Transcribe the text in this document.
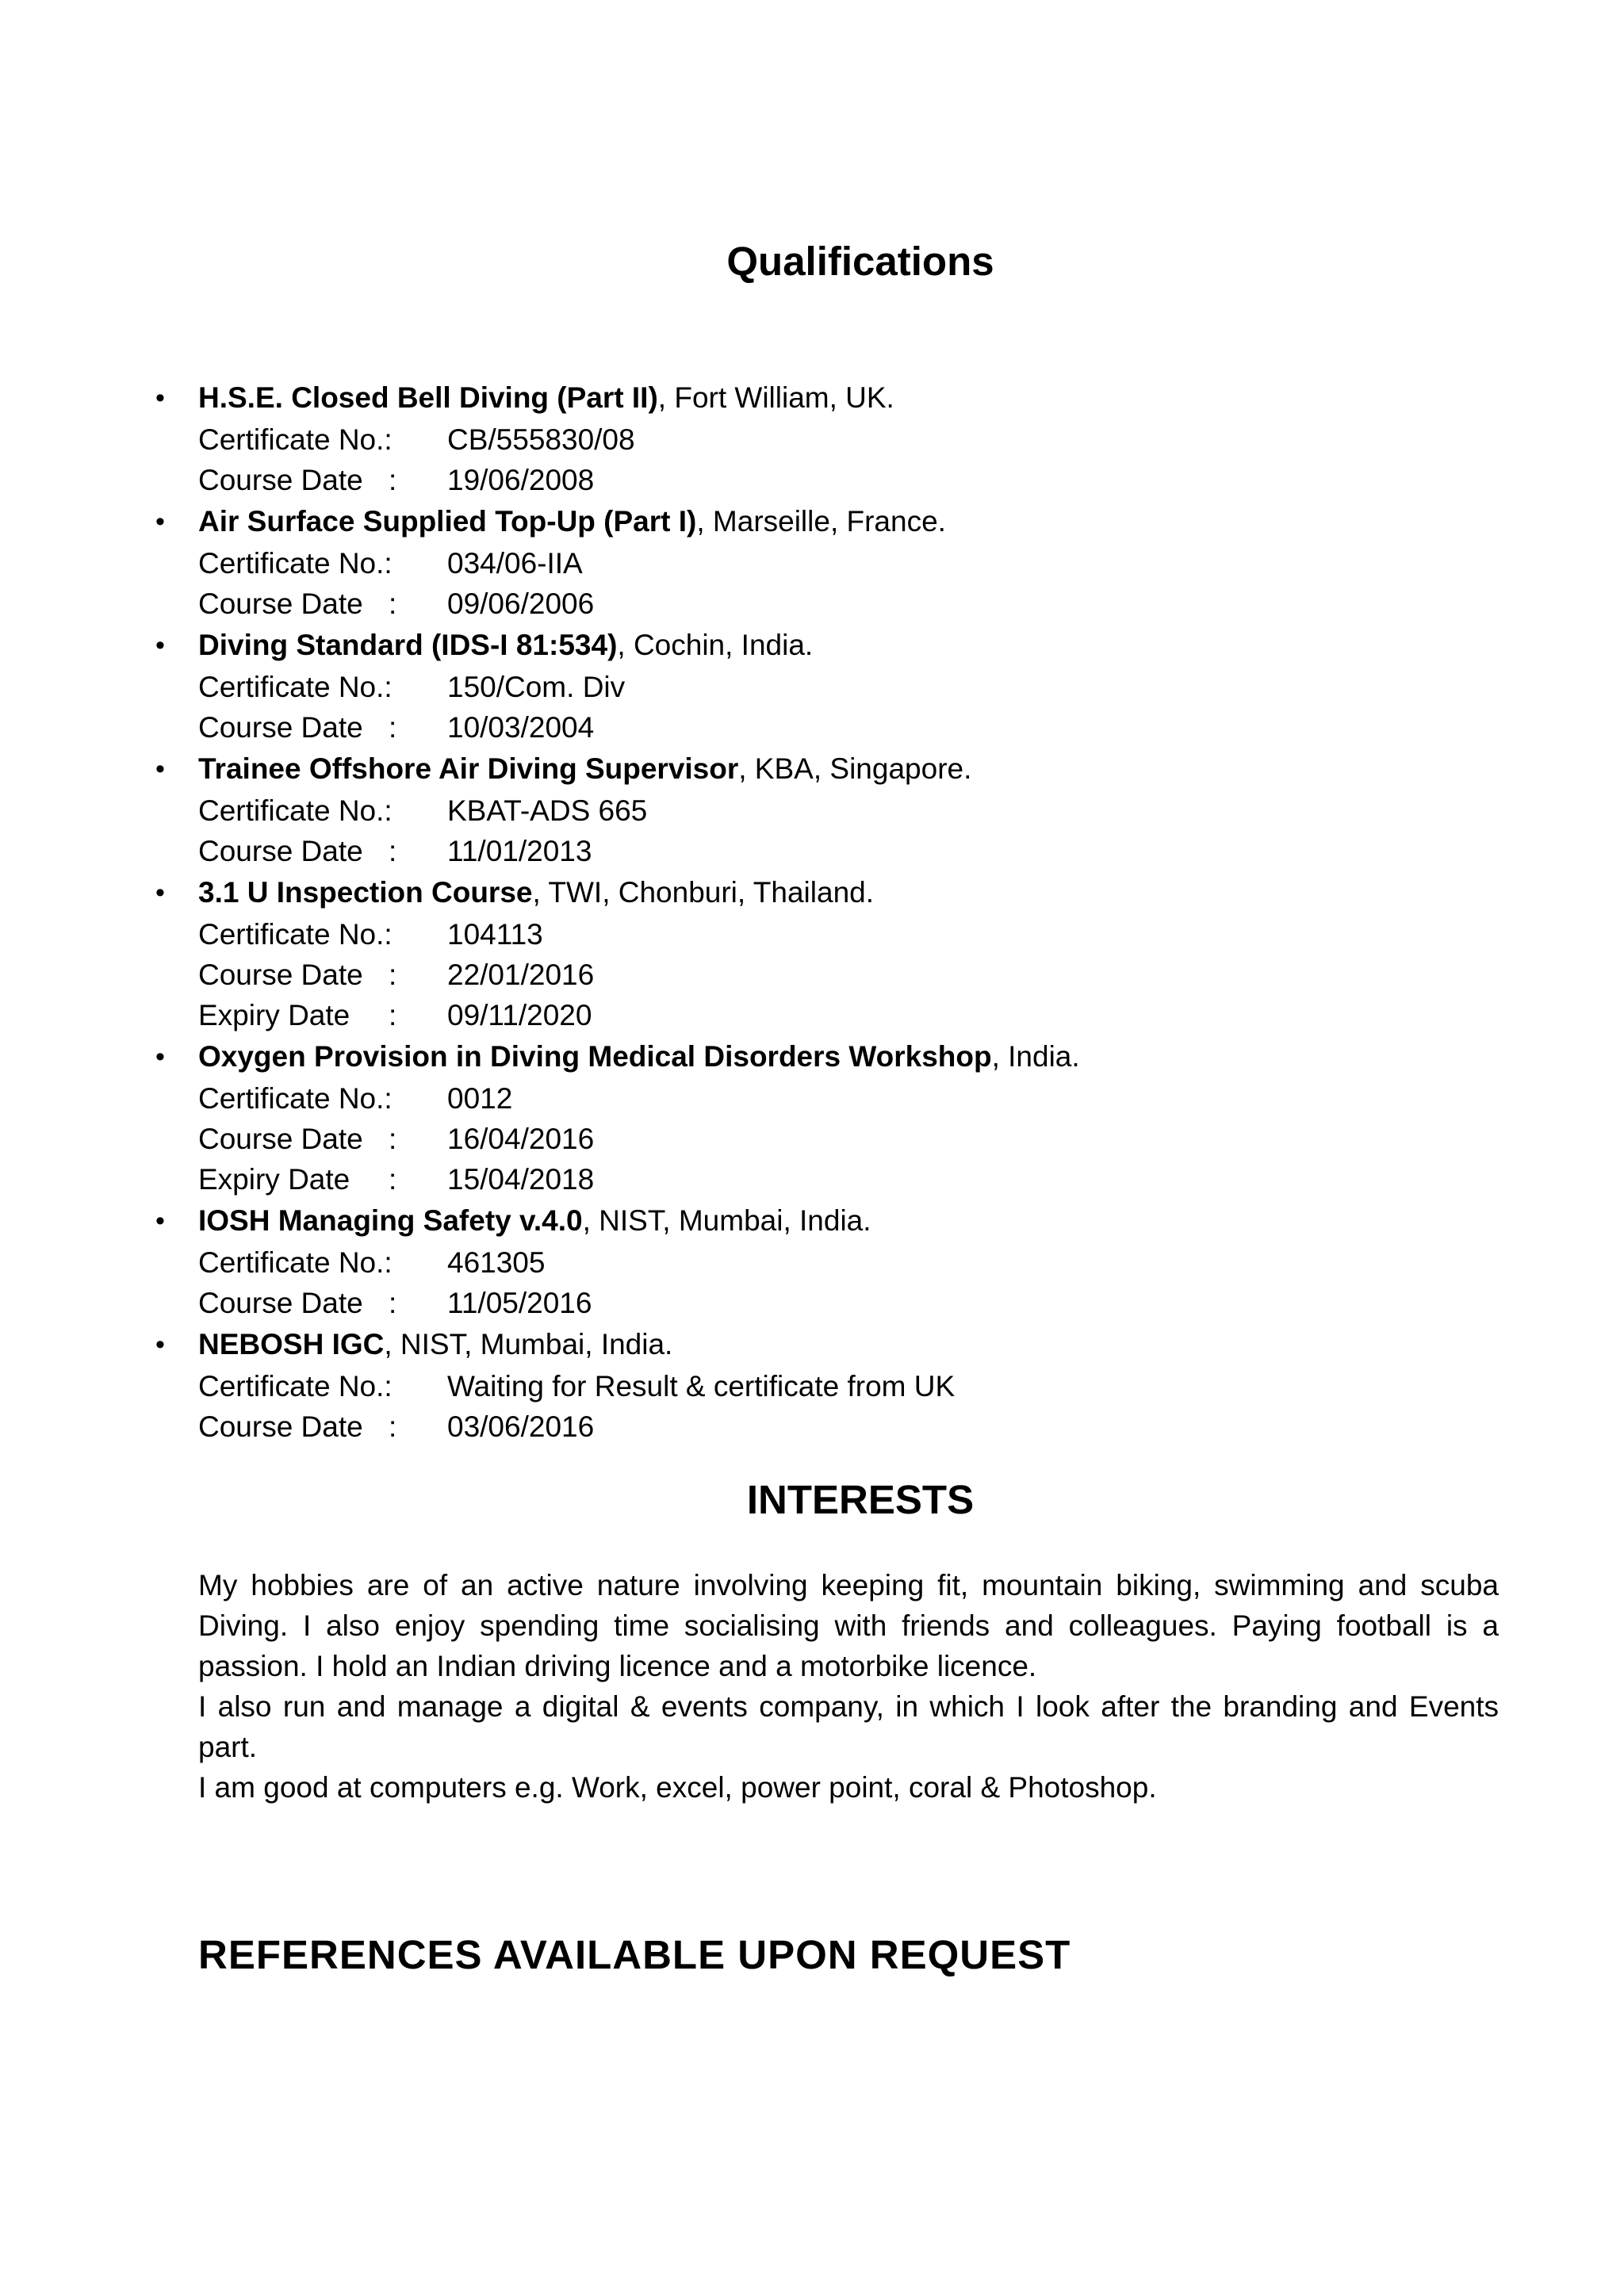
Qualifications
• H.S.E. Closed Bell Diving (Part II), Fort William, UK.
Certificate No.: CB/555830/08
Course Date : 19/06/2008
• Air Surface Supplied Top-Up (Part I), Marseille, France.
Certificate No.: 034/06-IIA
Course Date : 09/06/2006
• Diving Standard (IDS-I 81:534), Cochin, India.
Certificate No.: 150/Com. Div
Course Date : 10/03/2004
• Trainee Offshore Air Diving Supervisor, KBA, Singapore.
Certificate No.: KBAT-ADS 665
Course Date : 11/01/2013
• 3.1 U Inspection Course, TWI, Chonburi, Thailand.
Certificate No.: 104113
Course Date : 22/01/2016
Expiry Date : 09/11/2020
• Oxygen Provision in Diving Medical Disorders Workshop, India.
Certificate No.: 0012
Course Date : 16/04/2016
Expiry Date : 15/04/2018
• IOSH Managing Safety v.4.0, NIST, Mumbai, India.
Certificate No.: 461305
Course Date : 11/05/2016
• NEBOSH IGC, NIST, Mumbai, India.
Certificate No.: Waiting for Result & certificate from UK
Course Date : 03/06/2016
INTERESTS

My hobbies are of an active nature involving keeping fit, mountain biking, swimming and scuba Diving. I also enjoy spending time socialising with friends and colleagues. Paying football is a passion. I hold an Indian driving licence and a motorbike licence.

I also run and manage a digital & events company, in which I look after the branding and Events part.

I am good at computers e.g. Work, excel, power point, coral & Photoshop.

REFERENCES AVAILABLE UPON REQUEST
